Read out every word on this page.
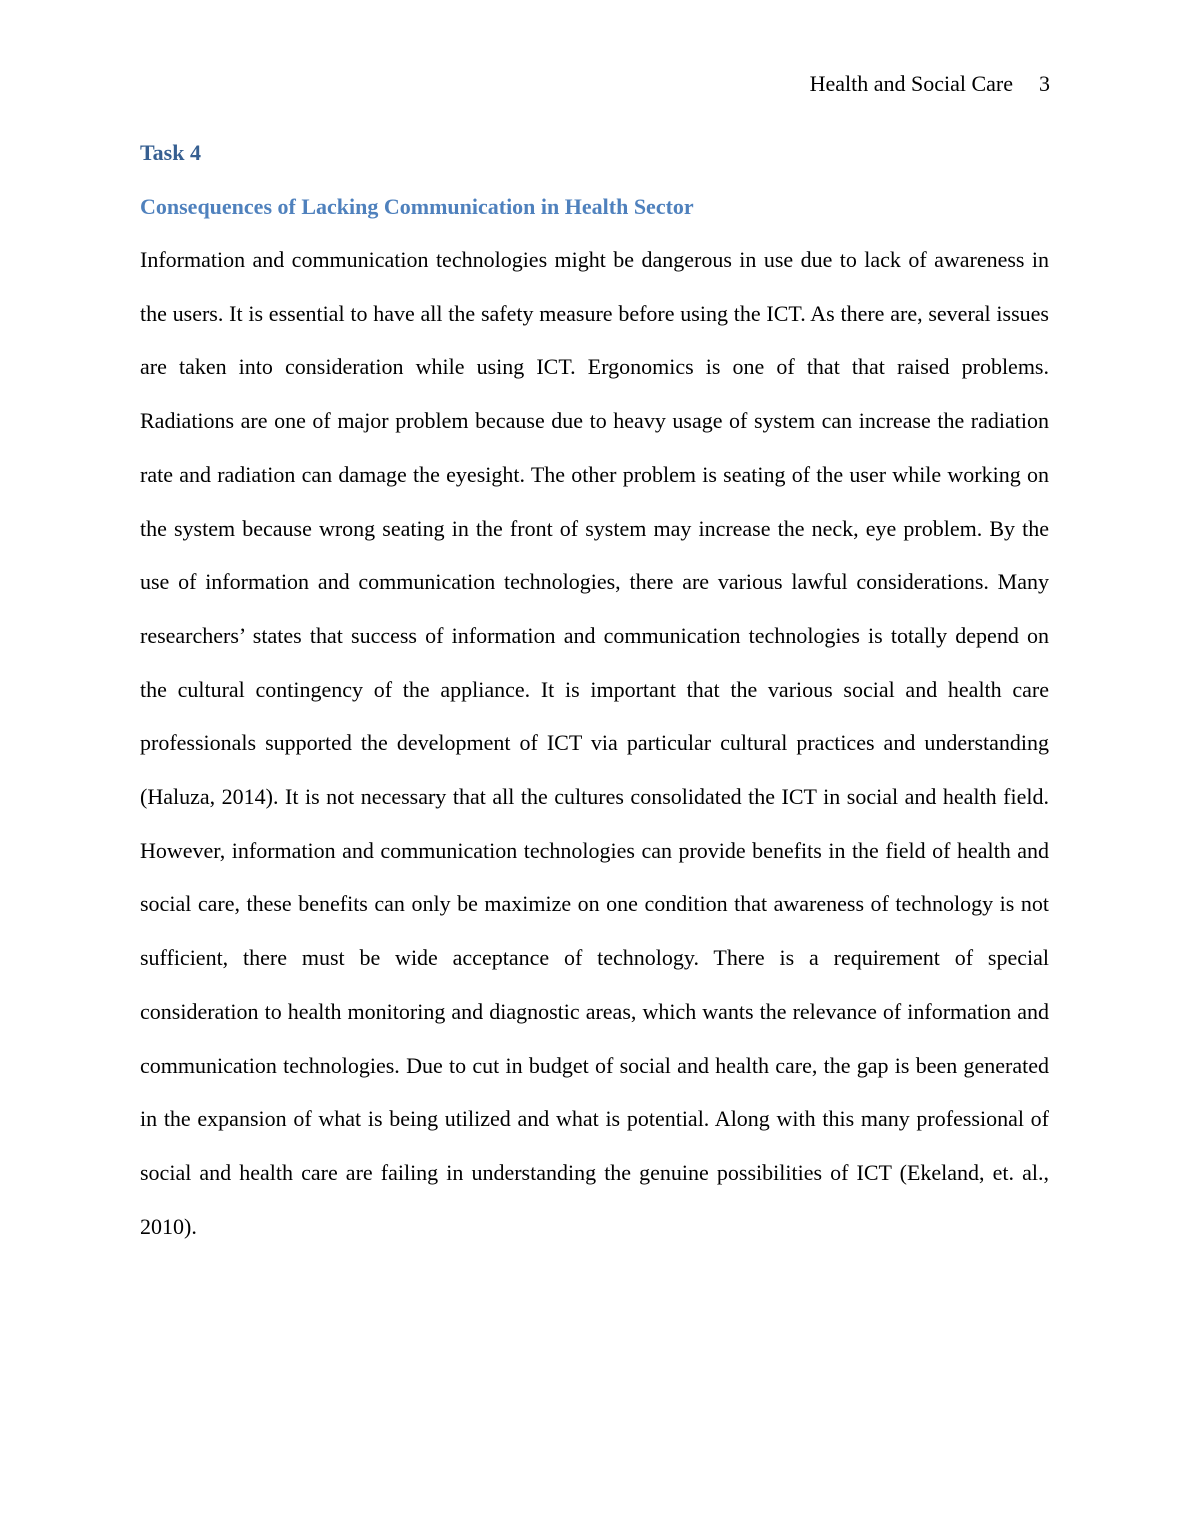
Health and Social Care 3
Task 4
Consequences of Lacking Communication in Health Sector

Information and communication technologies might be dangerous in use due to lack of awareness in the users. It is essential to have all the safety measure before using the ICT. As there are, several issues are taken into consideration while using ICT. Ergonomics is one of that that raised problems. Radiations are one of major problem because due to heavy usage of system can increase the radiation rate and radiation can damage the eyesight. The other problem is seating of the user while working on the system because wrong seating in the front of system may increase the neck, eye problem. By the use of information and communication technologies, there are various lawful considerations. Many researchers’ states that success of information and communication technologies is totally depend on the cultural contingency of the appliance. It is important that the various social and health care professionals supported the development of ICT via particular cultural practices and understanding (Haluza, 2014). It is not necessary that all the cultures consolidated the ICT in social and health field. However, information and communication technologies can provide benefits in the field of health and social care, these benefits can only be maximize on one condition that awareness of technology is not sufficient, there must be wide acceptance of technology. There is a requirement of special consideration to health monitoring and diagnostic areas, which wants the relevance of information and communication technologies. Due to cut in budget of social and health care, the gap is been generated in the expansion of what is being utilized and what is potential. Along with this many professional of social and health care are failing in understanding the genuine possibilities of ICT (Ekeland, et. al., 2010).
